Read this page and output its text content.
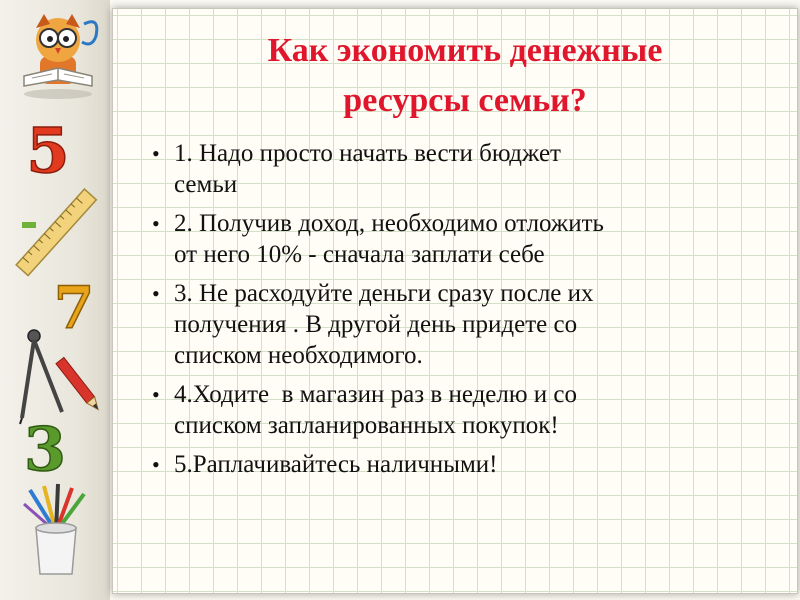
5
7
3
Как экономить денежные
ресурсы семьи?
• 1. Надо просто начать вести бюджет
семьи
• 2. Получив доход, необходимо отложить
от него 10% - сначала заплати себе
• 3. Не расходуйте деньги сразу после их
получения . В другой день придете со
списком необходимого.
• 4.Ходите  в магазин раз в неделю и со
списком запланированных покупок!
• 5.Раплачивайтесь наличными!
